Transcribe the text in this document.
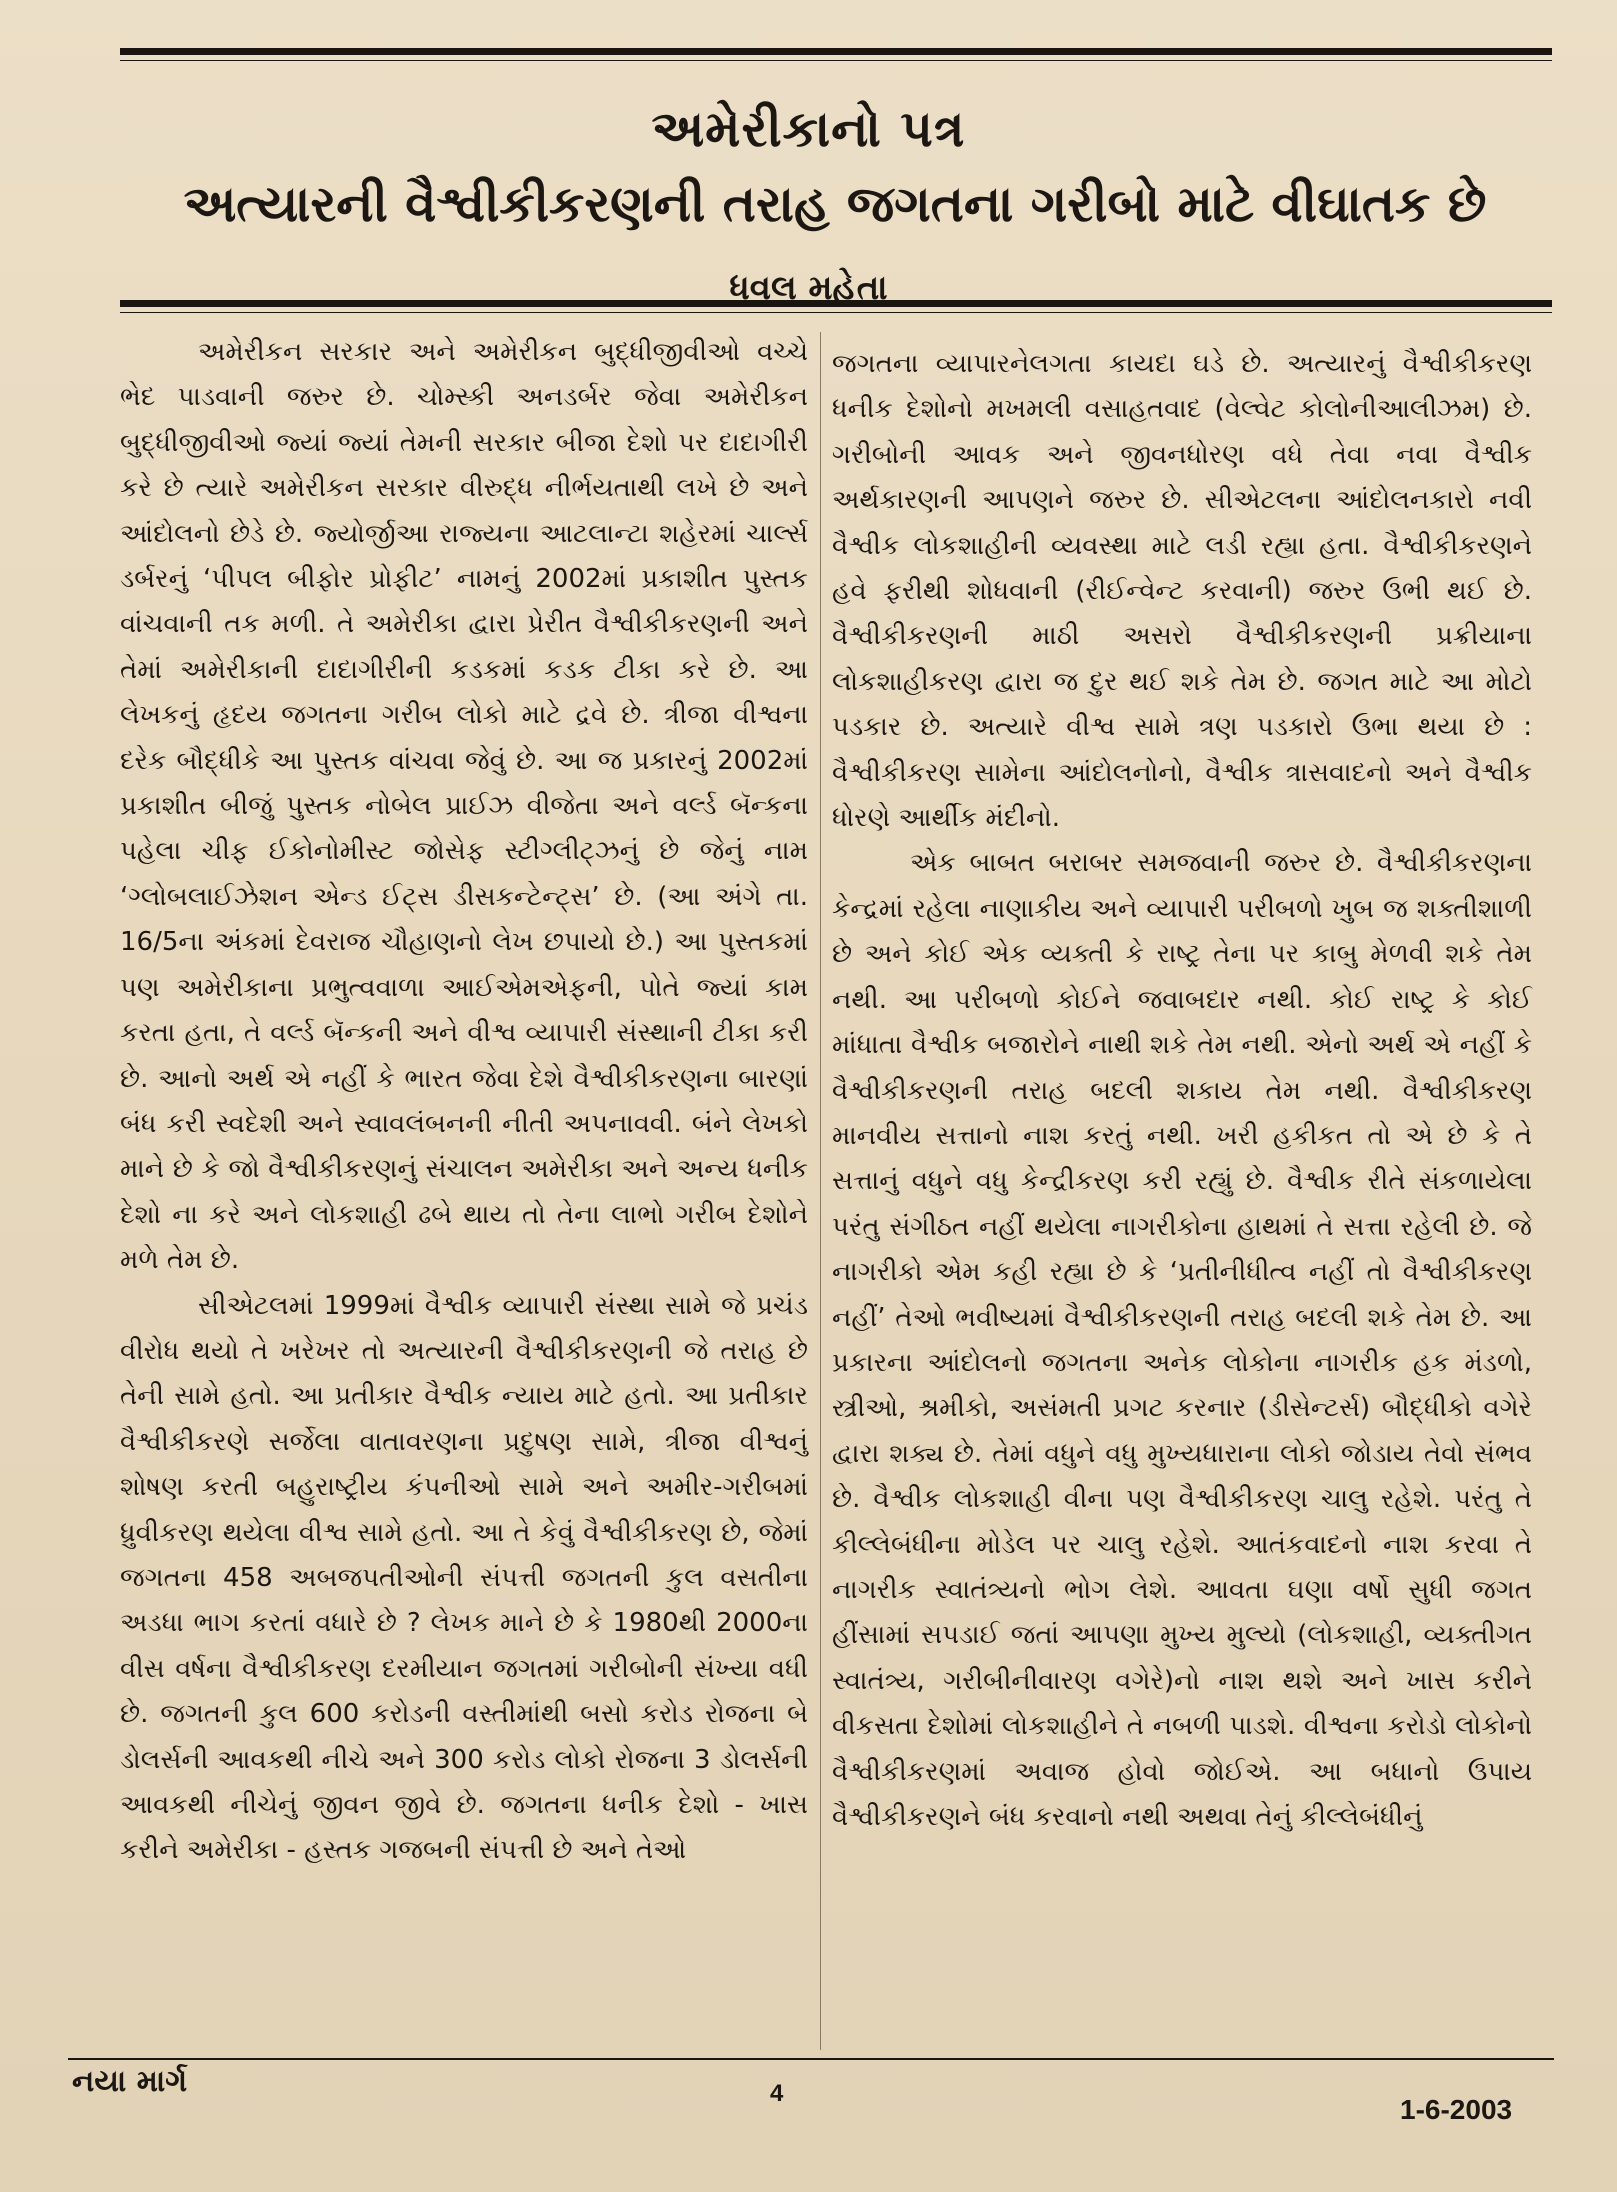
અમેરીકાનો પત્ર
અત્યારની વૈશ્વીકીકરણની તરાહ જગતના ગરીબો માટે વીઘાતક છે
ધવલ મહેતા

અમેરીકન સરકાર અને અમેરીકન બુદ્ધીજીવીઓ વચ્ચે ભેદ પાડવાની જરુર છે. ચોમ્સ્કી અનડર્બર જેવા અમેરીકન બુદ્ધીજીવીઓ જ્યાં જ્યાં તેમની સરકાર બીજા દેશો પર દાદાગીરી કરે છે ત્યારે અમેરીકન સરકાર વીરુદ્ધ નીર્ભયતાથી લખે છે અને આંદોલનો છેડે છે. જ્યોર્જીઆ રાજ્યના આટલાન્ટા શહેરમાં ચાર્લ્સ ડર્બરનું ‘પીપલ બીફોર પ્રોફીટ’ નામનું 2002માં પ્રકાશીત પુસ્તક વાંચવાની તક મળી. તે અમેરીકા દ્વારા પ્રેરીત વૈશ્વીકીકરણની અને તેમાં અમેરીકાની દાદાગીરીની કડકમાં કડક ટીકા કરે છે. આ લેખકનું હૃદય જગતના ગરીબ લોકો માટે દ્રવે છે. ત્રીજા વીશ્વના દરેક બૌદ્ધીકે આ પુસ્તક વાંચવા જેવું છે. આ જ પ્રકારનું 2002માં પ્રકાશીત બીજું પુસ્તક નોબેલ પ્રાઈઝ વીજેતા અને વર્લ્ડ બૅન્કના પહેલા ચીફ ઈકોનોમીસ્ટ જોસેફ સ્ટીગ્લીટ્ઝનું છે જેનું નામ ‘ગ્લોબલાઈઝેશન એન્ડ ઈટ્સ ડીસકન્ટેન્ટ્સ’ છે. (આ અંગે તા. 16/5ના અંકમાં દેવરાજ ચૌહાણનો લેખ છપાયો છે.) આ પુસ્તકમાં પણ અમેરીકાના પ્રભુત્વવાળા આઈએમએફની, પોતે જ્યાં કામ કરતા હતા, તે વર્લ્ડ બૅન્કની અને વીશ્વ વ્યાપારી સંસ્થાની ટીકા કરી છે. આનો અર્થ એ નહીં કે ભારત જેવા દેશે વૈશ્વીકીકરણના બારણાં બંધ કરી સ્વદેશી અને સ્વાવલંબનની નીતી અપનાવવી. બંને લેખકો માને છે કે જો વૈશ્વીકીકરણનું સંચાલન અમેરીકા અને અન્ય ધનીક દેશો ના કરે અને લોકશાહી ઢબે થાય તો તેના લાભો ગરીબ દેશોને મળે તેમ છે.

સીએટલમાં 1999માં વૈશ્વીક વ્યાપારી સંસ્થા સામે જે પ્રચંડ વીરોધ થયો તે ખરેખર તો અત્યારની વૈશ્વીકીકરણની જે તરાહ છે તેની સામે હતો. આ પ્રતીકાર વૈશ્વીક ન્યાય માટે હતો. આ પ્રતીકાર વૈશ્વીકીકરણે સર્જેલા વાતાવરણના પ્રદુષણ સામે, ત્રીજા વીશ્વનું શોષણ કરતી બહુરાષ્ટ્રીય કંપનીઓ સામે અને અમીર-ગરીબમાં ધ્રુવીકરણ થયેલા વીશ્વ સામે હતો. આ તે કેવું વૈશ્વીકીકરણ છે, જેમાં જગતના 458 અબજપતીઓની સંપત્તી જગતની કુલ વસતીના અડધા ભાગ કરતાં વધારે છે ? લેખક માને છે કે 1980થી 2000ના વીસ વર્ષના વૈશ્વીકીકરણ દરમીયાન જગતમાં ગરીબોની સંખ્યા વધી છે. જગતની કુલ 600 કરોડની વસ્તીમાંથી બસો કરોડ રોજના બે ડોલર્સની આવકથી નીચે અને 300 કરોડ લોકો રોજના 3 ડોલર્સની આવકથી નીચેનું જીવન જીવે છે. જગતના ધનીક દેશો - ખાસ કરીને અમેરીકા - હસ્તક ગજબની સંપત્તી છે અને તેઓ

જગતના વ્યાપારનેલગતા કાયદા ઘડે છે. અત્યારનું વૈશ્વીકીકરણ ધનીક દેશોનો મખમલી વસાહતવાદ (વેલ્વેટ કોલોનીઆલીઝમ) છે. ગરીબોની આવક અને જીવનધોરણ વધે તેવા નવા વૈશ્વીક અર્થકારણની આપણને જરુર છે. સીએટલના આંદોલનકારો નવી વૈશ્વીક લોકશાહીની વ્યવસ્થા માટે લડી રહ્યા હતા. વૈશ્વીકીકરણને હવે ફરીથી શોધવાની (રીઈન્વેન્ટ કરવાની) જરુર ઉભી થઈ છે. વૈશ્વીકીકરણની માઠી અસરો વૈશ્વીકીકરણની પ્રક્રીયાના લોકશાહીકરણ દ્વારા જ દુર થઈ શકે તેમ છે. જગત માટે આ મોટો પડકાર છે. અત્યારે વીશ્વ સામે ત્રણ પડકારો ઉભા થયા છે : વૈશ્વીકીકરણ સામેના આંદોલનોનો, વૈશ્વીક ત્રાસવાદનો અને વૈશ્વીક ધોરણે આર્થીક મંદીનો.

એક બાબત બરાબર સમજવાની જરુર છે. વૈશ્વીકીકરણના કેન્દ્રમાં રહેલા નાણાકીય અને વ્યાપારી પરીબળો ખુબ જ શક્તીશાળી છે અને કોઈ એક વ્યક્તી કે રાષ્ટ્ર તેના પર કાબુ મેળવી શકે તેમ નથી. આ પરીબળો કોઈને જવાબદાર નથી. કોઈ રાષ્ટ્ર કે કોઈ માંધાતા વૈશ્વીક બજારોને નાથી શકે તેમ નથી. એનો અર્થ એ નહીં કે વૈશ્વીકીકરણની તરાહ બદલી શકાય તેમ નથી. વૈશ્વીકીકરણ માનવીય સત્તાનો નાશ કરતું નથી. ખરી હકીકત તો એ છે કે તે સત્તાનું વધુને વધુ કેન્દ્રીકરણ કરી રહ્યું છે. વૈશ્વીક રીતે સંકળાયેલા પરંતુ સંગીઠત નહીં થયેલા નાગરીકોના હાથમાં તે સત્તા રહેલી છે. જે નાગરીકો એમ કહી રહ્યા છે કે ‘પ્રતીનીધીત્વ નહીં તો વૈશ્વીકીકરણ નહીં’ તેઓ ભવીષ્યમાં વૈશ્વીકીકરણની તરાહ બદલી શકે તેમ છે. આ પ્રકારના આંદોલનો જગતના અનેક લોકોના નાગરીક હક મંડળો, સ્ત્રીઓ, શ્રમીકો, અસંમતી પ્રગટ કરનાર (ડીસેન્ટર્સ) બૌદ્ધીકો વગેરે દ્વારા શક્ય છે. તેમાં વધુને વધુ મુખ્યધારાના લોકો જોડાય તેવો સંભવ છે. વૈશ્વીક લોકશાહી વીના પણ વૈશ્વીકીકરણ ચાલુ રહેશે. પરંતુ તે કીલ્લેબંધીના મોડેલ પર ચાલુ રહેશે. આતંકવાદનો નાશ કરવા તે નાગરીક સ્વાતંત્ર્યનો ભોગ લેશે. આવતા ઘણા વર્ષો સુધી જગત હીંસામાં સપડાઈ જતાં આપણા મુખ્ય મુલ્યો (લોકશાહી, વ્યક્તીગત સ્વાતંત્ર્ય, ગરીબીનીવારણ વગેરે)નો નાશ થશે અને ખાસ કરીને વીકસતા દેશોમાં લોકશાહીને તે નબળી પાડશે. વીશ્વના કરોડો લોકોનો વૈશ્વીકીકરણમાં અવાજ હોવો જોઈએ. આ બધાનો ઉપાય વૈશ્વીકીકરણને બંધ કરવાનો નથી અથવા તેનું કીલ્લેબંધીનું

નયા માર્ગ	4
1-6-2003
